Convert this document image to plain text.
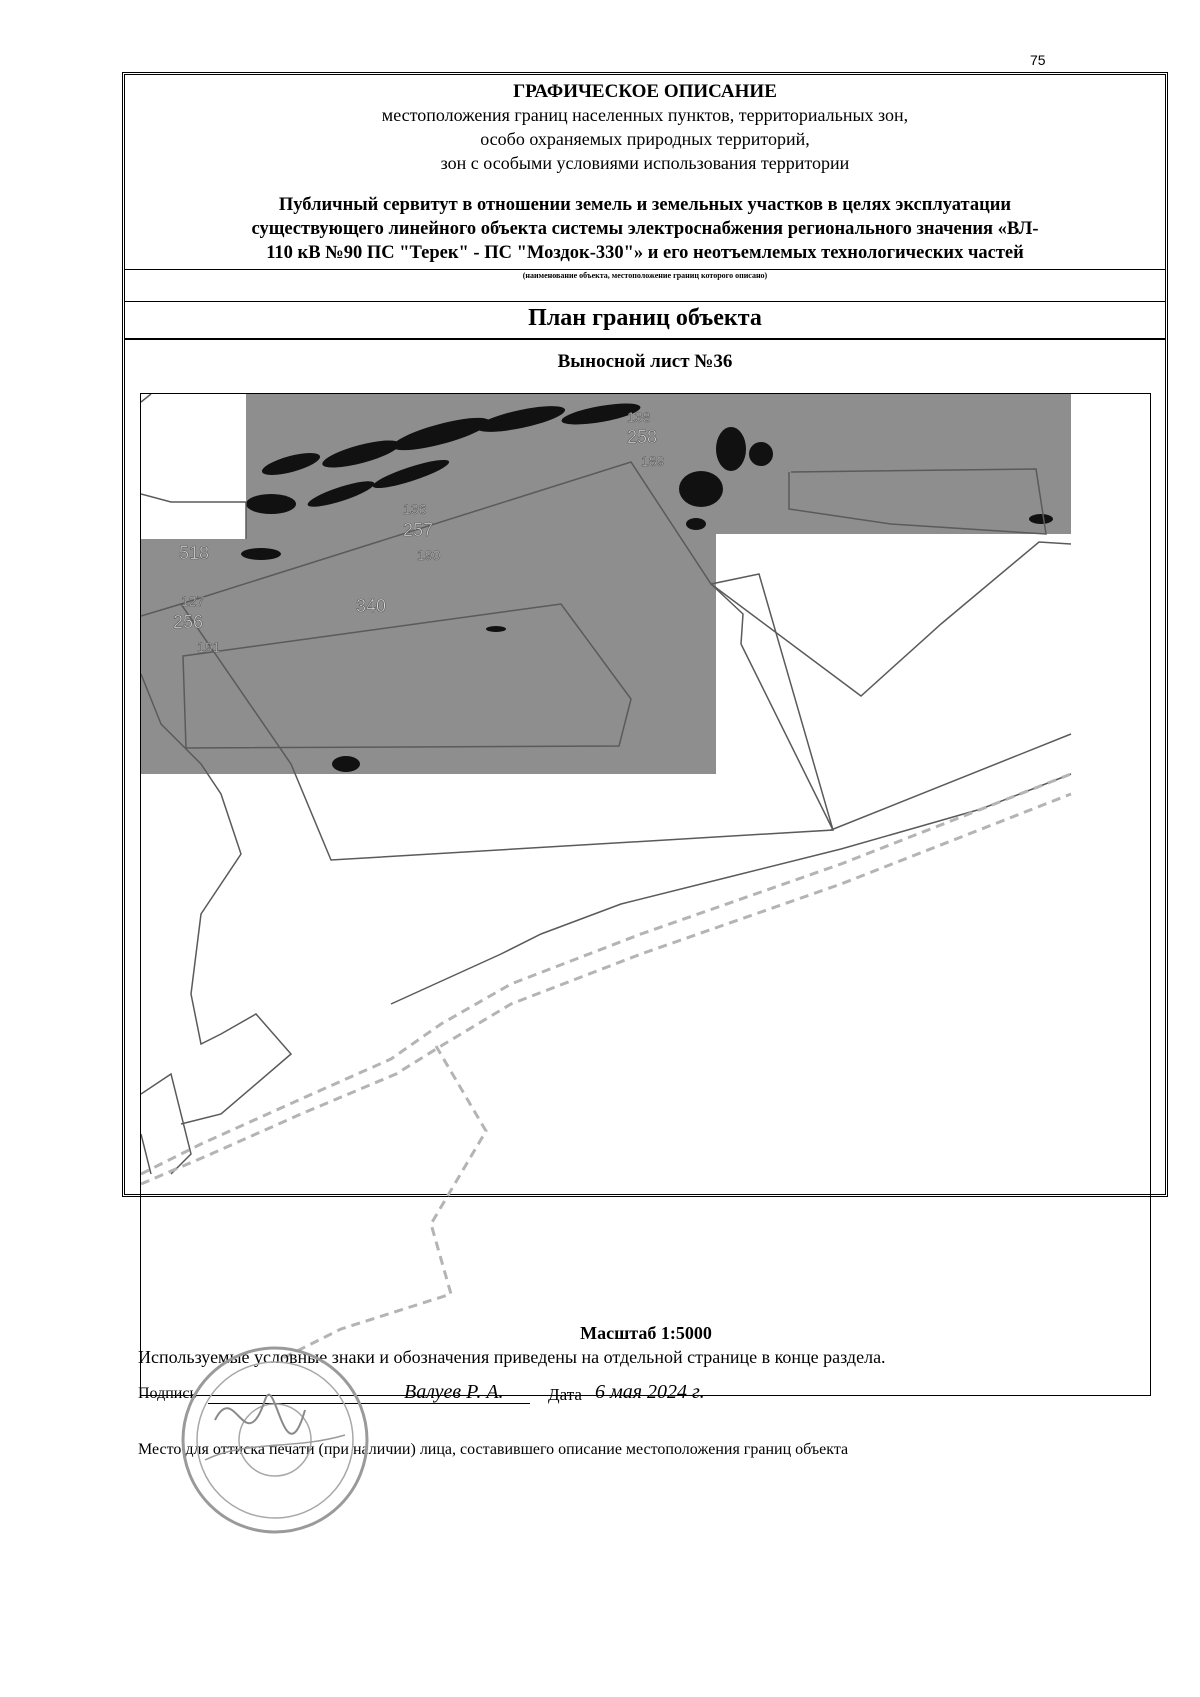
75
ГРАФИЧЕСКОЕ ОПИСАНИЕ
местоположения границ населенных пунктов, территориальных зон,
особо охраняемых природных территорий,
зон с особыми условиями использования территории
Публичный сервитут в отношении земель и земельных участков в целях эксплуатации
существующего линейного объекта системы электроснабжения регионального значения «ВЛ-
110 кВ №90 ПС "Терек" - ПС "Моздок-330"» и его неотъемлемых технологических частей
(наименование объекта, местоположение границ которого описано)
План границ объекта
Выносной лист №36
518
340
138
258
189
136
257
190
127
256
191
Масштаб 1:5000
Используемые условные знаки и обозначения приведены на отдельной странице в конце раздела.
Подпись	Валуев Р. А.	Дата 6 мая 2024 г.
Место для оттиска печати (при наличии) лица, составившего описание местоположения границ объекта
